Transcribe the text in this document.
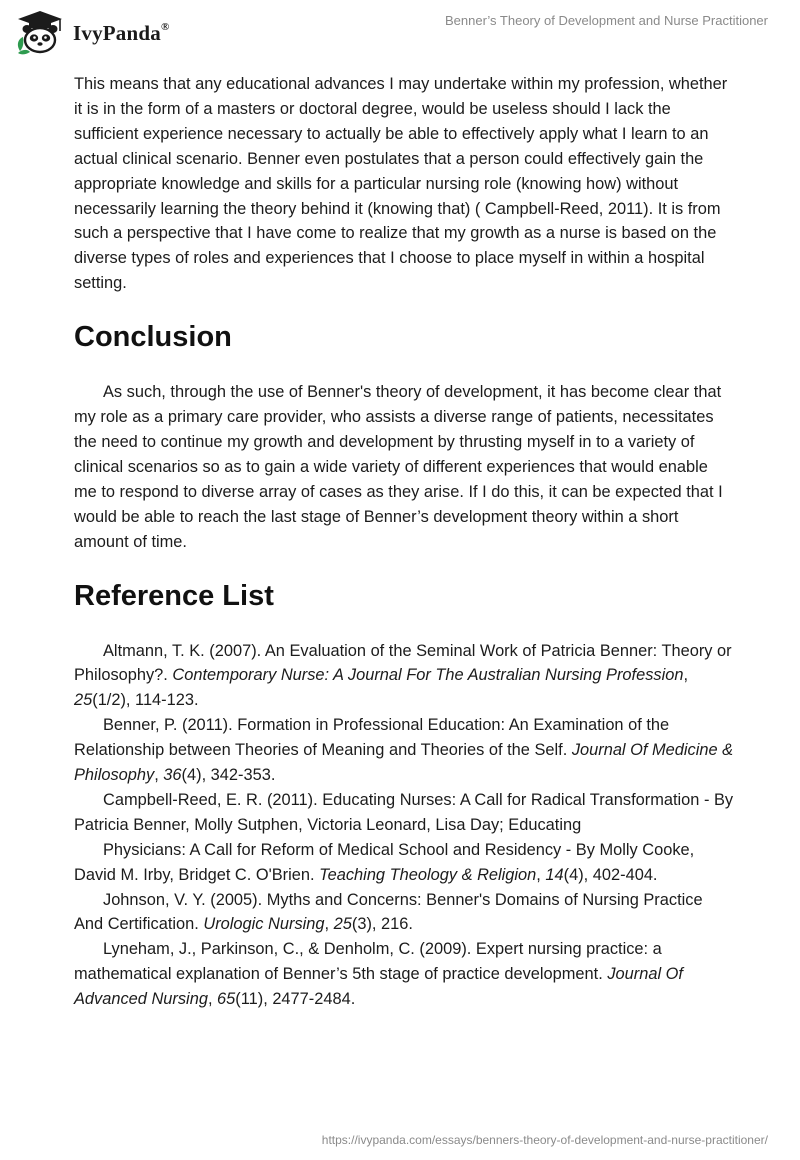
IvyPanda®	Benner’s Theory of Development and Nurse Practitioner

This means that any educational advances I may undertake within my profession, whether it is in the form of a masters or doctoral degree, would be useless should I lack the sufficient experience necessary to actually be able to effectively apply what I learn to an actual clinical scenario. Benner even postulates that a person could effectively gain the appropriate knowledge and skills for a particular nursing role (knowing how) without necessarily learning the theory behind it (knowing that) ( Campbell-Reed, 2011). It is from such a perspective that I have come to realize that my growth as a nurse is based on the diverse types of roles and experiences that I choose to place myself in within a hospital setting.

Conclusion

As such, through the use of Benner's theory of development, it has become clear that my role as a primary care provider, who assists a diverse range of patients, necessitates the need to continue my growth and development by thrusting myself in to a variety of clinical scenarios so as to gain a wide variety of different experiences that would enable me to respond to diverse array of cases as they arise. If I do this, it can be expected that I would be able to reach the last stage of Benner’s development theory within a short amount of time.

Reference List

Altmann, T. K. (2007). An Evaluation of the Seminal Work of Patricia Benner: Theory or Philosophy?. Contemporary Nurse: A Journal For The Australian Nursing Profession, 25(1/2), 114-123.

Benner, P. (2011). Formation in Professional Education: An Examination of the Relationship between Theories of Meaning and Theories of the Self. Journal Of Medicine & Philosophy, 36(4), 342-353.

Campbell-Reed, E. R. (2011). Educating Nurses: A Call for Radical Transformation - By Patricia Benner, Molly Sutphen, Victoria Leonard, Lisa Day; Educating

Physicians: A Call for Reform of Medical School and Residency - By Molly Cooke, David M. Irby, Bridget C. O'Brien. Teaching Theology & Religion, 14(4), 402-404.

Johnson, V. Y. (2005). Myths and Concerns: Benner's Domains of Nursing Practice And Certification. Urologic Nursing, 25(3), 216.

Lyneham, J., Parkinson, C., & Denholm, C. (2009). Expert nursing practice: a mathematical explanation of Benner’s 5th stage of practice development. Journal Of Advanced Nursing, 65(11), 2477-2484.

https://ivypanda.com/essays/benners-theory-of-development-and-nurse-practitioner/
